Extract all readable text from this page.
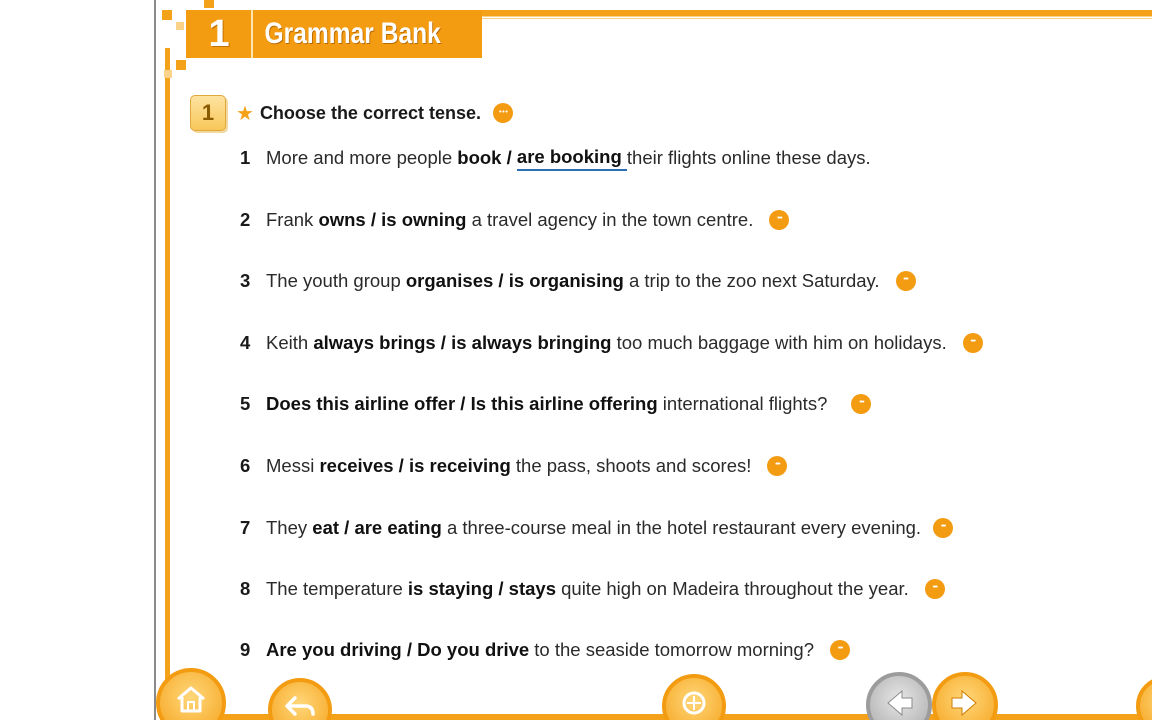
1	Grammar Bank
1	★ Choose the correct tense.
•••
1 More and more people book / are booking their flights online these days.
2 Frank owns / is owning a travel agency in the town centre.
•••
3 The youth group organises / is organising a trip to the zoo next Saturday.
•••
4 Keith always brings / is always bringing too much baggage with him on holidays.
•••
5 Does this airline offer / Is this airline offering international flights?
•••
6 Messi receives / is receiving the pass, shoots and scores!
•••
7 They eat / are eating a three-course meal in the hotel restaurant every evening.
•••
8 The temperature is staying / stays quite high on Madeira throughout the year.
•••
9 Are you driving / Do you drive to the seaside tomorrow morning?
•••
